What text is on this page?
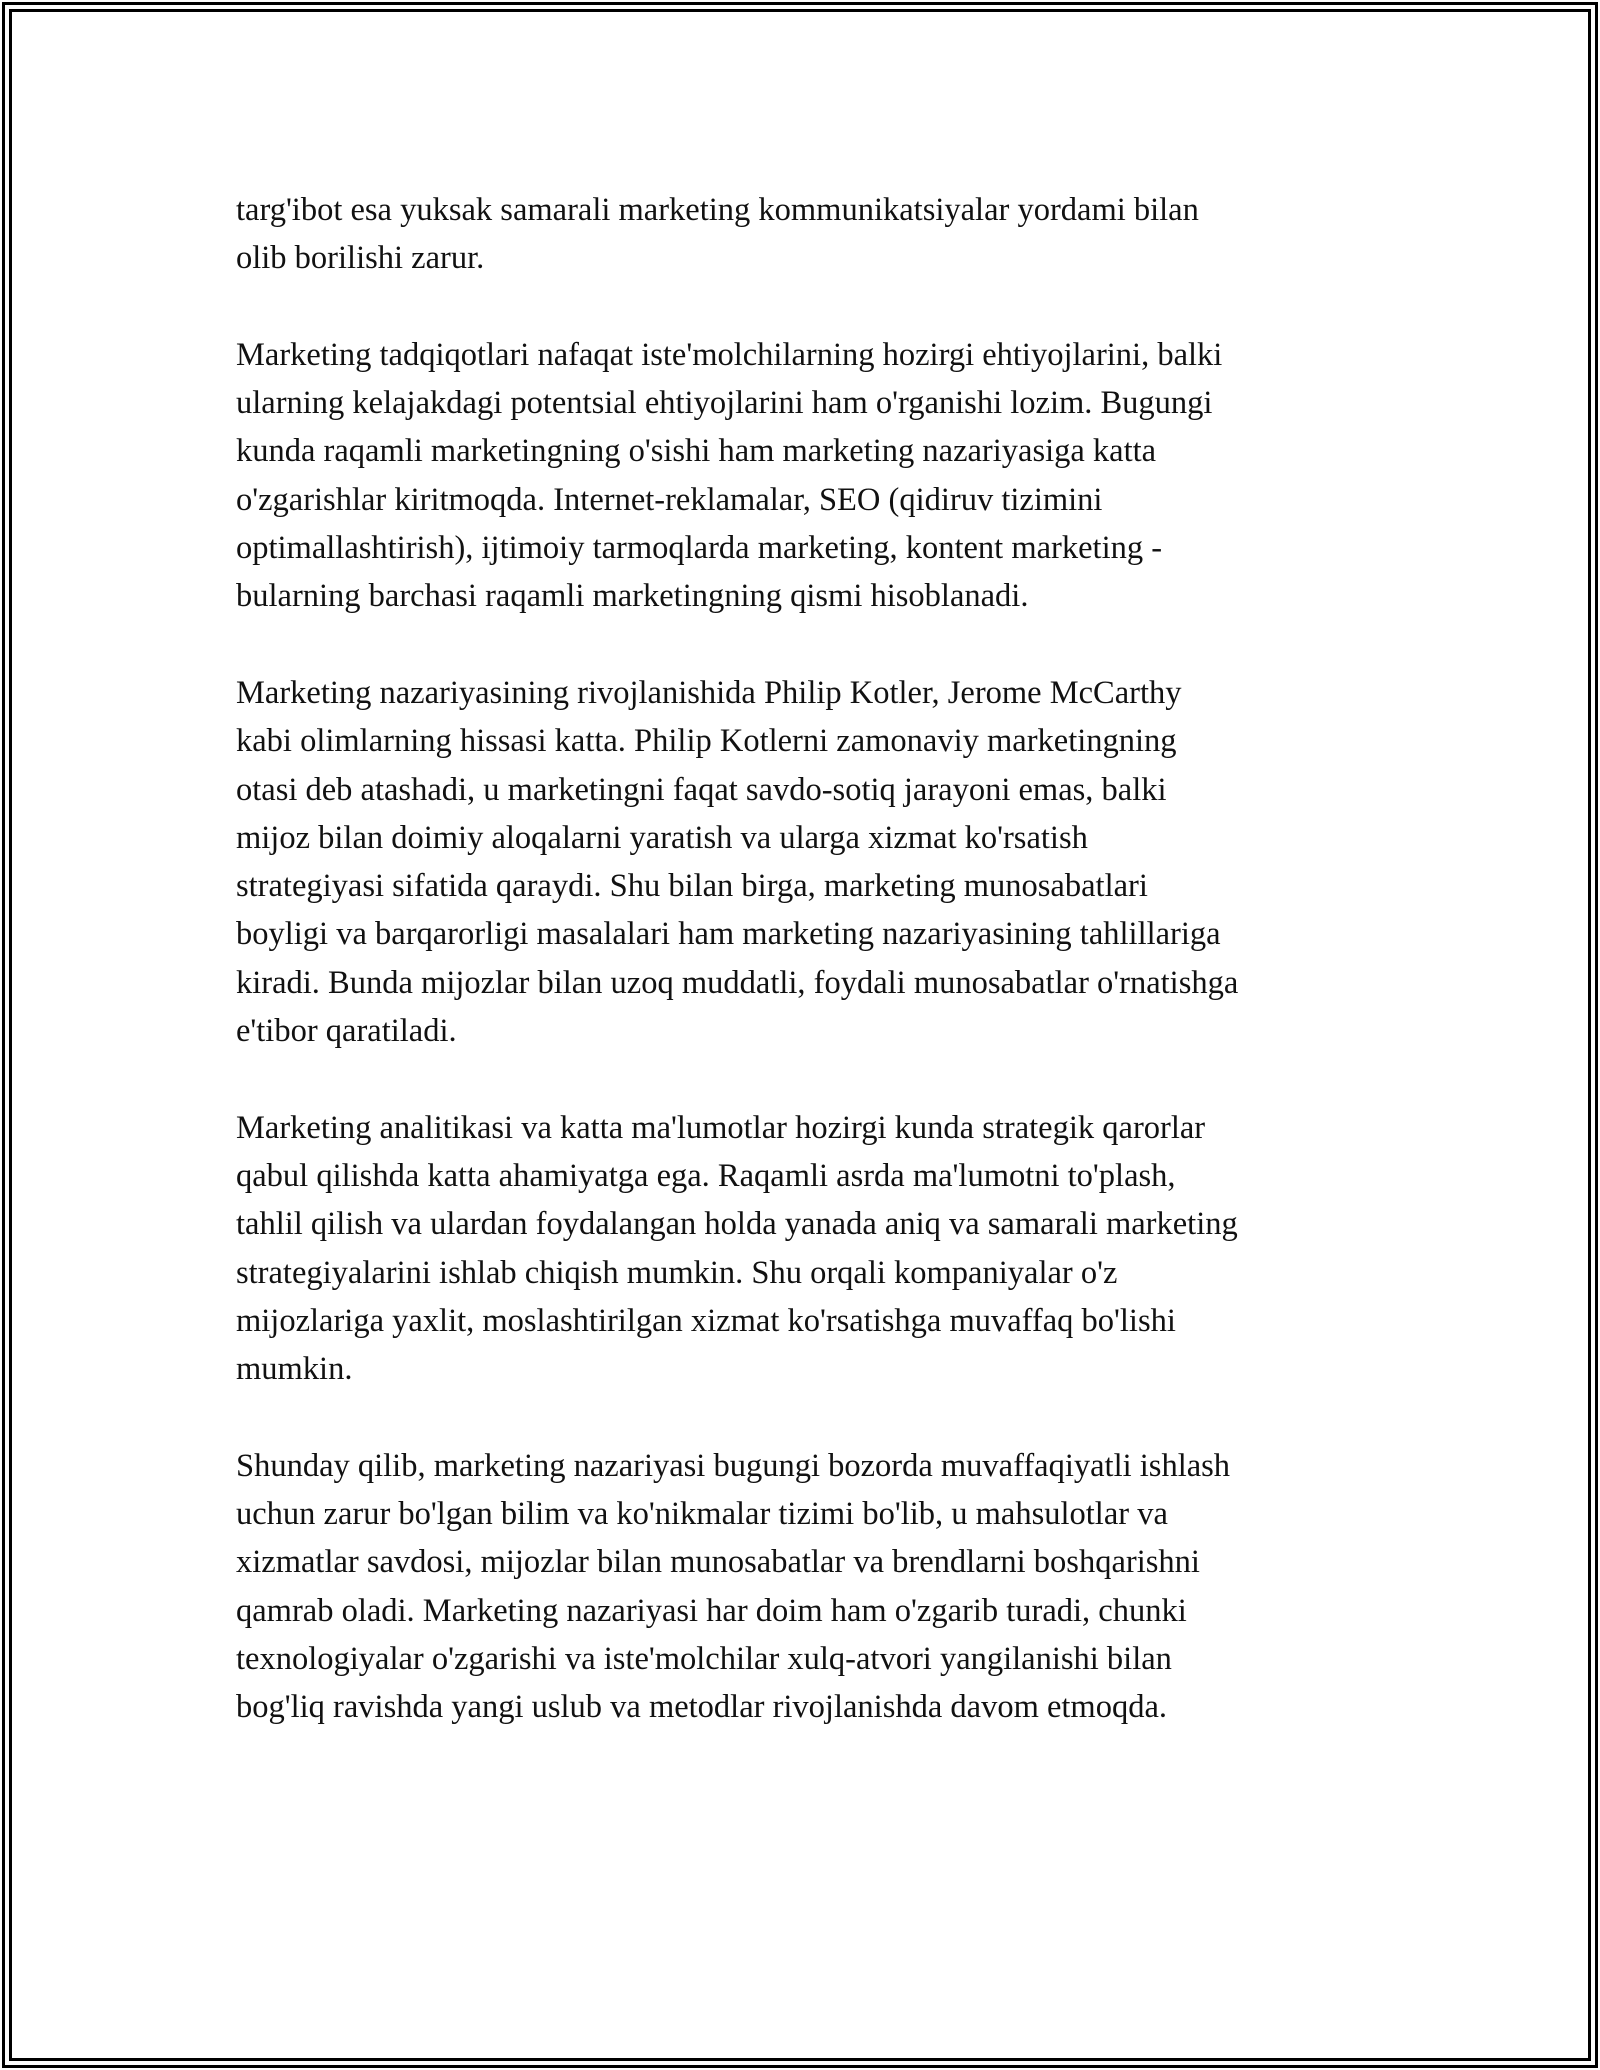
targ'ibot esa yuksak samarali marketing kommunikatsiyalar yordami bilan
olib borilishi zarur.

Marketing tadqiqotlari nafaqat iste'molchilarning hozirgi ehtiyojlarini, balki
ularning kelajakdagi potentsial ehtiyojlarini ham o'rganishi lozim. Bugungi
kunda raqamli marketingning o'sishi ham marketing nazariyasiga katta
o'zgarishlar kiritmoqda. Internet-reklamalar, SEO (qidiruv tizimini
optimallashtirish), ijtimoiy tarmoqlarda marketing, kontent marketing -
bularning barchasi raqamli marketingning qismi hisoblanadi.

Marketing nazariyasining rivojlanishida Philip Kotler, Jerome McCarthy
kabi olimlarning hissasi katta. Philip Kotlerni zamonaviy marketingning
otasi deb atashadi, u marketingni faqat savdo-sotiq jarayoni emas, balki
mijoz bilan doimiy aloqalarni yaratish va ularga xizmat ko'rsatish
strategiyasi sifatida qaraydi. Shu bilan birga, marketing munosabatlari
boyligi va barqarorligi masalalari ham marketing nazariyasining tahlillariga
kiradi. Bunda mijozlar bilan uzoq muddatli, foydali munosabatlar o'rnatishga
e'tibor qaratiladi.

Marketing analitikasi va katta ma'lumotlar hozirgi kunda strategik qarorlar
qabul qilishda katta ahamiyatga ega. Raqamli asrda ma'lumotni to'plash,
tahlil qilish va ulardan foydalangan holda yanada aniq va samarali marketing
strategiyalarini ishlab chiqish mumkin. Shu orqali kompaniyalar o'z
mijozlariga yaxlit, moslashtirilgan xizmat ko'rsatishga muvaffaq bo'lishi
mumkin.

Shunday qilib, marketing nazariyasi bugungi bozorda muvaffaqiyatli ishlash
uchun zarur bo'lgan bilim va ko'nikmalar tizimi bo'lib, u mahsulotlar va
xizmatlar savdosi, mijozlar bilan munosabatlar va brendlarni boshqarishni
qamrab oladi. Marketing nazariyasi har doim ham o'zgarib turadi, chunki
texnologiyalar o'zgarishi va iste'molchilar xulq-atvori yangilanishi bilan
bog'liq ravishda yangi uslub va metodlar rivojlanishda davom etmoqda.
